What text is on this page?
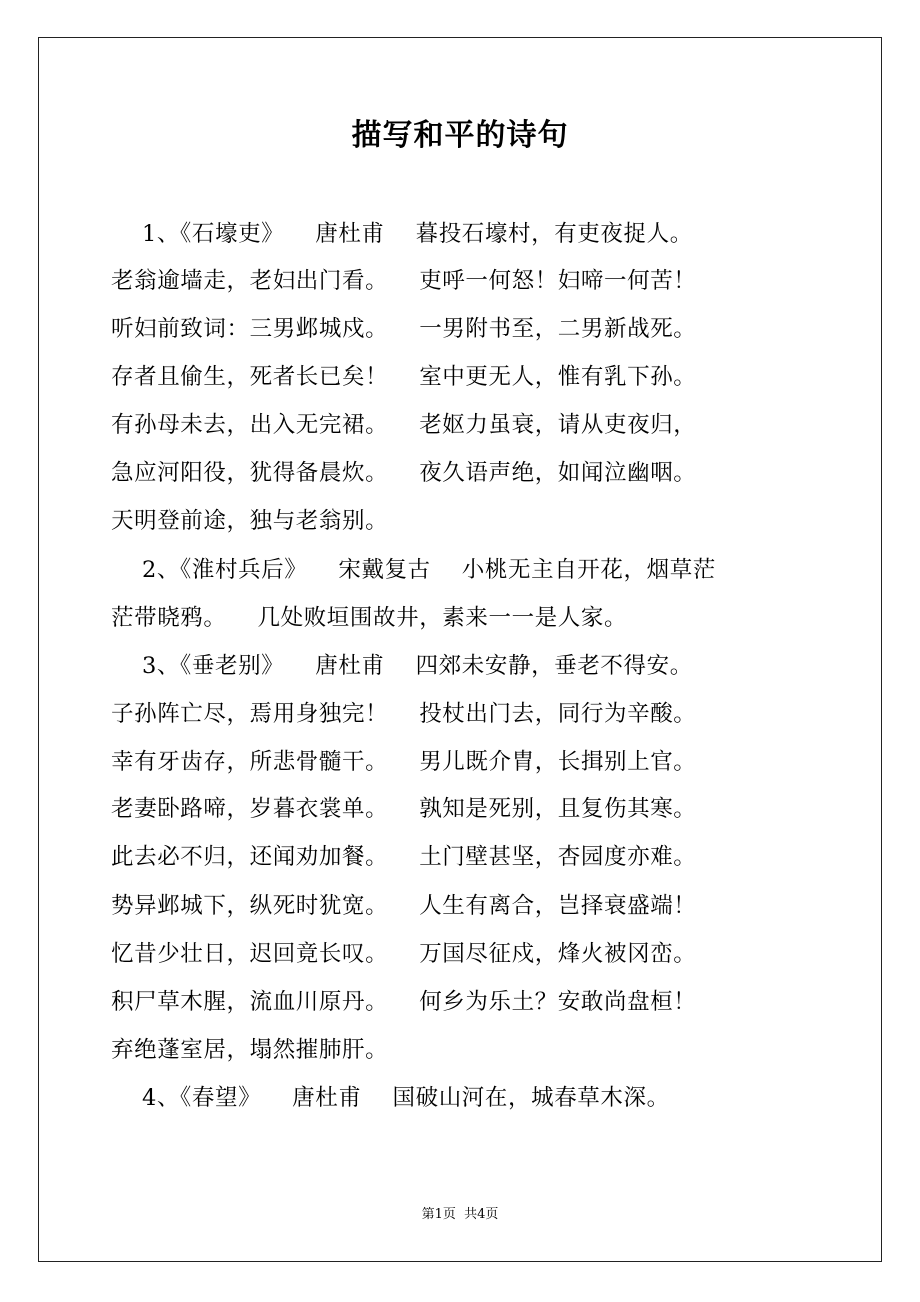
描写和平的诗句
1、《石壕吏》    唐杜甫    暮投石壕村，有吏夜捉人。
老翁逾墙走，老妇出门看。    吏呼一何怒！妇啼一何苦！
听妇前致词：三男邺城戍。    一男附书至，二男新战死。
存者且偷生，死者长已矣！    室中更无人，惟有乳下孙。
有孙母未去，出入无完裙。    老妪力虽衰，请从吏夜归，
急应河阳役，犹得备晨炊。    夜久语声绝，如闻泣幽咽。
天明登前途，独与老翁别。
2、《淮村兵后》    宋戴复古    小桃无主自开花，烟草茫
茫带晓鸦。    几处败垣围故井，素来一一是人家。
3、《垂老别》    唐杜甫    四郊未安静，垂老不得安。
子孙阵亡尽，焉用身独完！    投杖出门去，同行为辛酸。
幸有牙齿存，所悲骨髓干。    男儿既介胄，长揖别上官。
老妻卧路啼，岁暮衣裳单。    孰知是死别，且复伤其寒。
此去必不归，还闻劝加餐。    土门壁甚坚，杏园度亦难。
势异邺城下，纵死时犹宽。    人生有离合，岂择衰盛端！
忆昔少壮日，迟回竟长叹。    万国尽征戍，烽火被冈峦。
积尸草木腥，流血川原丹。    何乡为乐土？安敢尚盘桓！
弃绝蓬室居，塌然摧肺肝。
4、《春望》    唐杜甫    国破山河在，城春草木深。
第1页  共4页
